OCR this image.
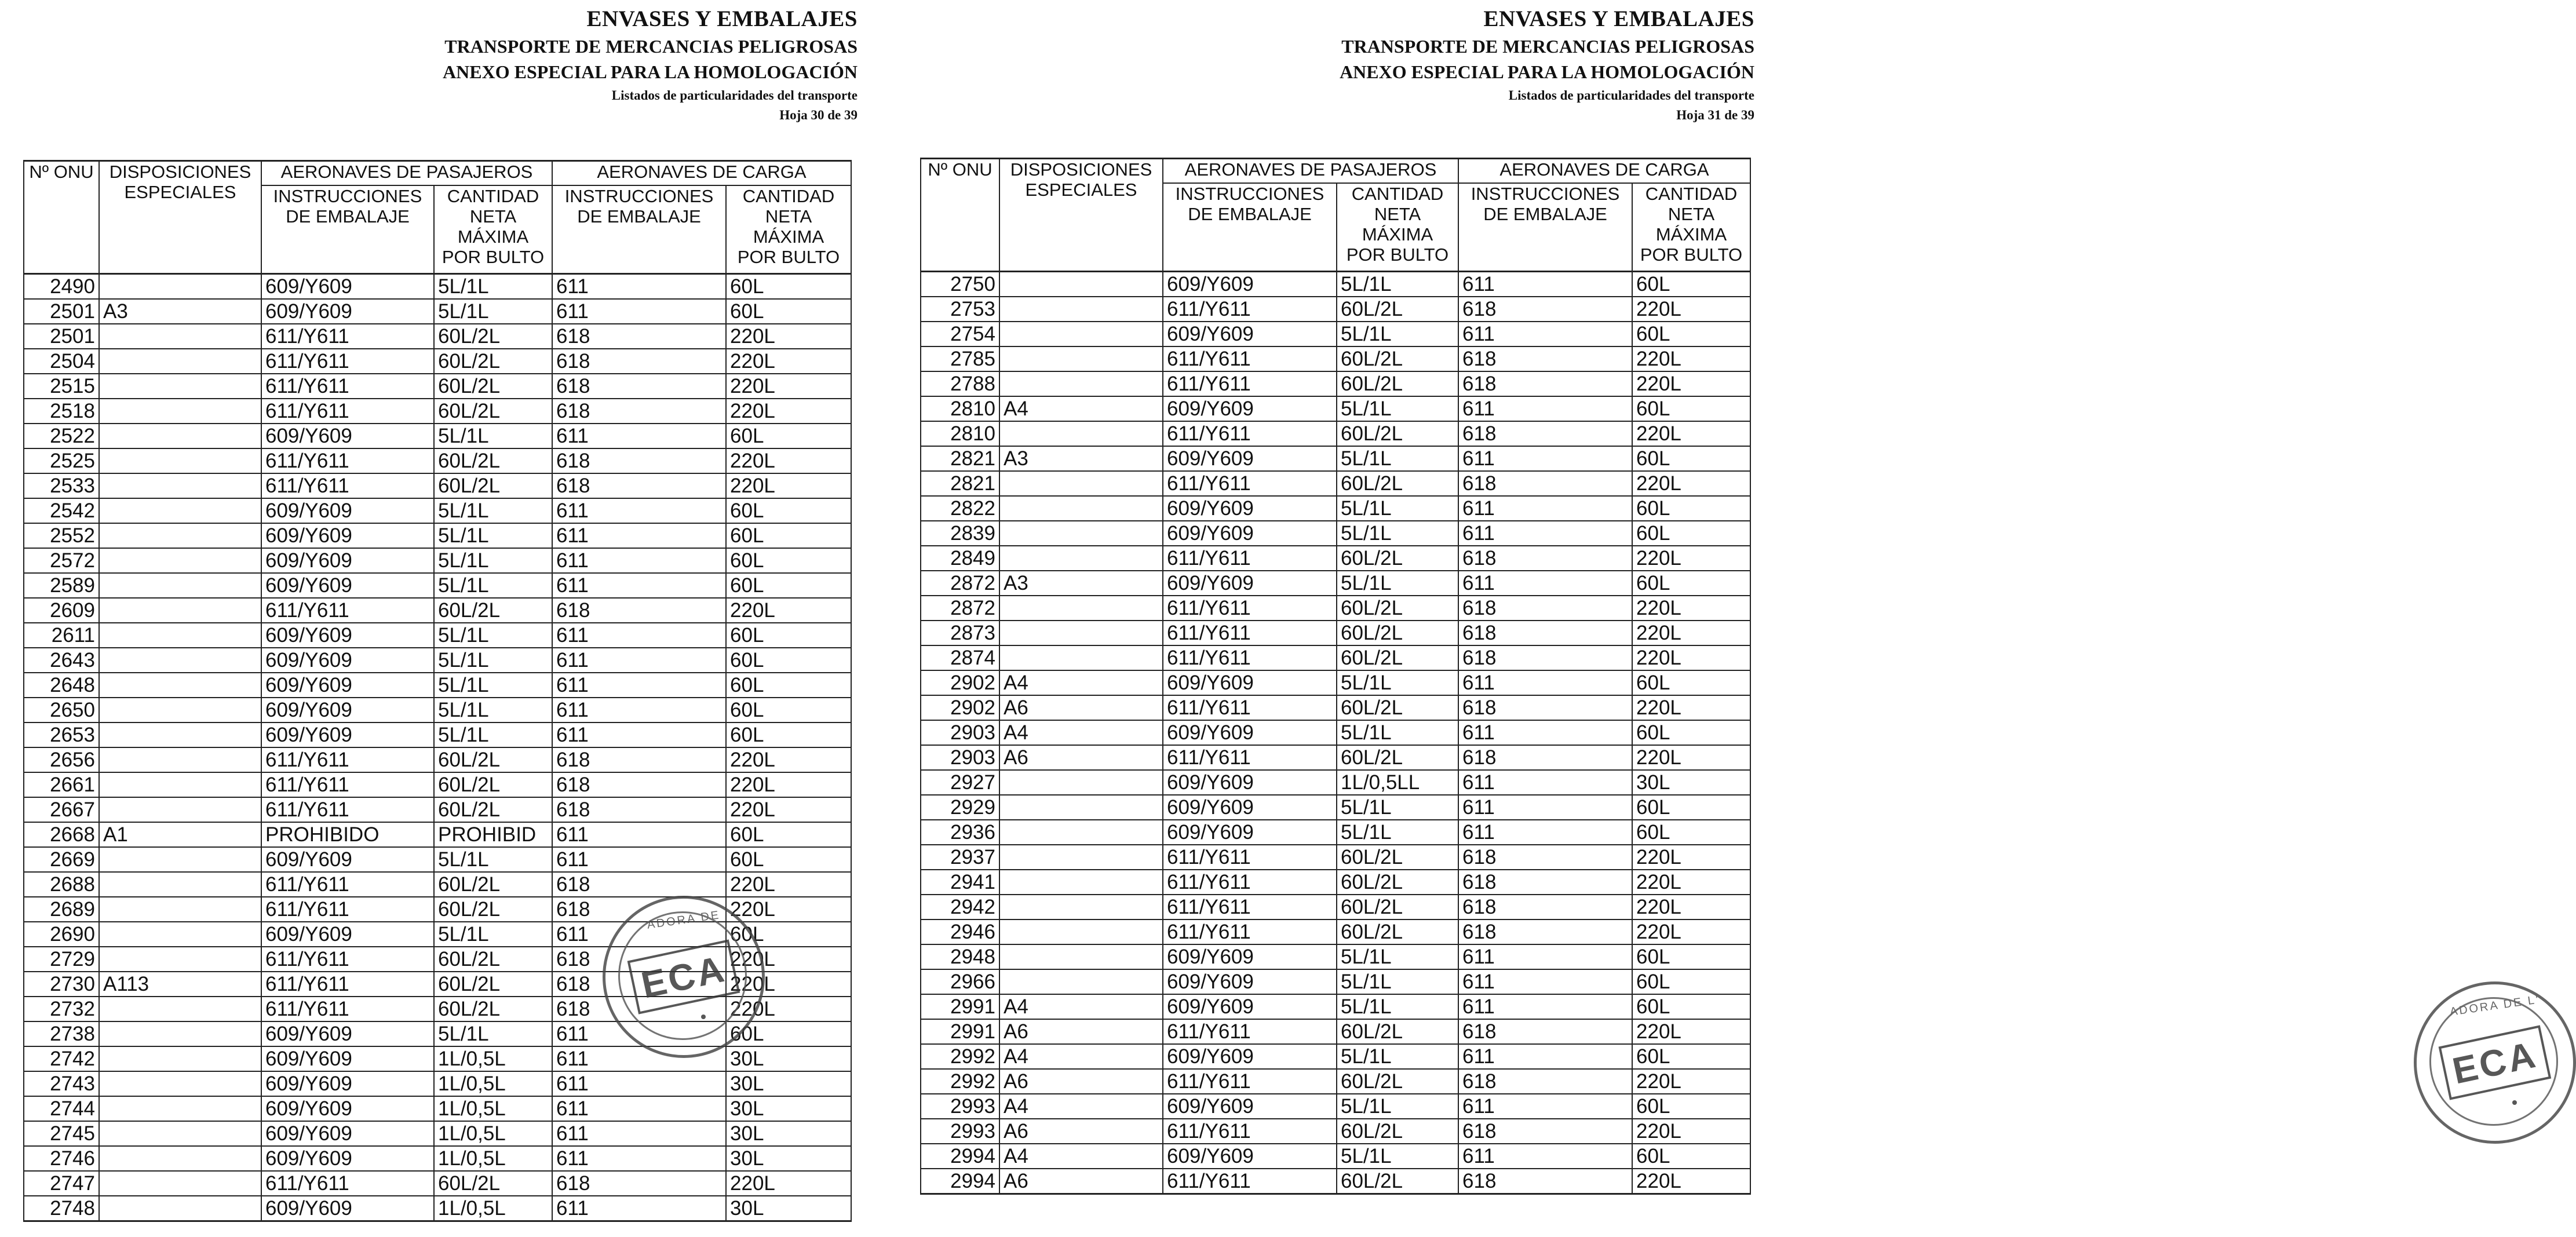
ENVASES Y EMBALAJES
TRANSPORTE DE MERCANCIAS PELIGROSAS
ANEXO ESPECIAL PARA LA HOMOLOGACIÓN
Listados de particularidades del transporte
Hoja 30 de 39
Nº ONU	DISPOSICIONES
ESPECIALES	AERONAVES DE PASAJEROS		AERONAVES DE CARGA	
		INSTRUCCIONES
DE EMBALAJE	CANTIDAD
NETA
MÁXIMA
POR BULTO	INSTRUCCIONES
DE EMBALAJE	CANTIDAD
NETA
MÁXIMA
POR BULTO
2490		609/Y609	5L/1L	611	60L
2501	A3	609/Y609	5L/1L	611	60L
2501		611/Y611	60L/2L	618	220L
2504		611/Y611	60L/2L	618	220L
2515		611/Y611	60L/2L	618	220L
2518		611/Y611	60L/2L	618	220L
2522		609/Y609	5L/1L	611	60L
2525		611/Y611	60L/2L	618	220L
2533		611/Y611	60L/2L	618	220L
2542		609/Y609	5L/1L	611	60L
2552		609/Y609	5L/1L	611	60L
2572		609/Y609	5L/1L	611	60L
2589		609/Y609	5L/1L	611	60L
2609		611/Y611	60L/2L	618	220L
2611		609/Y609	5L/1L	611	60L
2643		609/Y609	5L/1L	611	60L
2648		609/Y609	5L/1L	611	60L
2650		609/Y609	5L/1L	611	60L
2653		609/Y609	5L/1L	611	60L
2656		611/Y611	60L/2L	618	220L
2661		611/Y611	60L/2L	618	220L
2667		611/Y611	60L/2L	618	220L
2668	A1	PROHIBIDO	PROHIBID	611	60L
2669		609/Y609	5L/1L	611	60L
2688		611/Y611	60L/2L	618	220L
2689		611/Y611	60L/2L	618	220L
2690		609/Y609	5L/1L	611	60L
2729		611/Y611	60L/2L	618	220L
2730	A113	611/Y611	60L/2L	618	220L
2732		611/Y611	60L/2L	618	220L
2738		609/Y609	5L/1L	611	60L
2742		609/Y609	1L/0,5L	611	30L
2743		609/Y609	1L/0,5L	611	30L
2744		609/Y609	1L/0,5L	611	30L
2745		609/Y609	1L/0,5L	611	30L
2746		609/Y609	1L/0,5L	611	30L
2747		611/Y611	60L/2L	618	220L
2748		609/Y609	1L/0,5L	611	30L
ADORA DE
ECA
ENVASES Y EMBALAJES
TRANSPORTE DE MERCANCIAS PELIGROSAS
ANEXO ESPECIAL PARA LA HOMOLOGACIÓN
Listados de particularidades del transporte
Hoja 31 de 39
Nº ONU	DISPOSICIONES
ESPECIALES	AERONAVES DE PASAJEROS		AERONAVES DE CARGA	
		INSTRUCCIONES
DE EMBALAJE	CANTIDAD
NETA
MÁXIMA
POR BULTO	INSTRUCCIONES
DE EMBALAJE	CANTIDAD
NETA
MÁXIMA
POR BULTO
2750		609/Y609	5L/1L	611	60L
2753		611/Y611	60L/2L	618	220L
2754		609/Y609	5L/1L	611	60L
2785		611/Y611	60L/2L	618	220L
2788		611/Y611	60L/2L	618	220L
2810	A4	609/Y609	5L/1L	611	60L
2810		611/Y611	60L/2L	618	220L
2821	A3	609/Y609	5L/1L	611	60L
2821		611/Y611	60L/2L	618	220L
2822		609/Y609	5L/1L	611	60L
2839		609/Y609	5L/1L	611	60L
2849		611/Y611	60L/2L	618	220L
2872	A3	609/Y609	5L/1L	611	60L
2872		611/Y611	60L/2L	618	220L
2873		611/Y611	60L/2L	618	220L
2874		611/Y611	60L/2L	618	220L
2902	A4	609/Y609	5L/1L	611	60L
2902	A6	611/Y611	60L/2L	618	220L
2903	A4	609/Y609	5L/1L	611	60L
2903	A6	611/Y611	60L/2L	618	220L
2927		609/Y609	1L/0,5LL	611	30L
2929		609/Y609	5L/1L	611	60L
2936		609/Y609	5L/1L	611	60L
2937		611/Y611	60L/2L	618	220L
2941		611/Y611	60L/2L	618	220L
2942		611/Y611	60L/2L	618	220L
2946		611/Y611	60L/2L	618	220L
2948		609/Y609	5L/1L	611	60L
2966		609/Y609	5L/1L	611	60L
2991	A4	609/Y609	5L/1L	611	60L
2991	A6	611/Y611	60L/2L	618	220L
2992	A4	609/Y609	5L/1L	611	60L
2992	A6	611/Y611	60L/2L	618	220L
2993	A4	609/Y609	5L/1L	611	60L
2993	A6	611/Y611	60L/2L	618	220L
2994	A4	609/Y609	5L/1L	611	60L
2994	A6	611/Y611	60L/2L	618	220L
ADORA DE L'
ECA
